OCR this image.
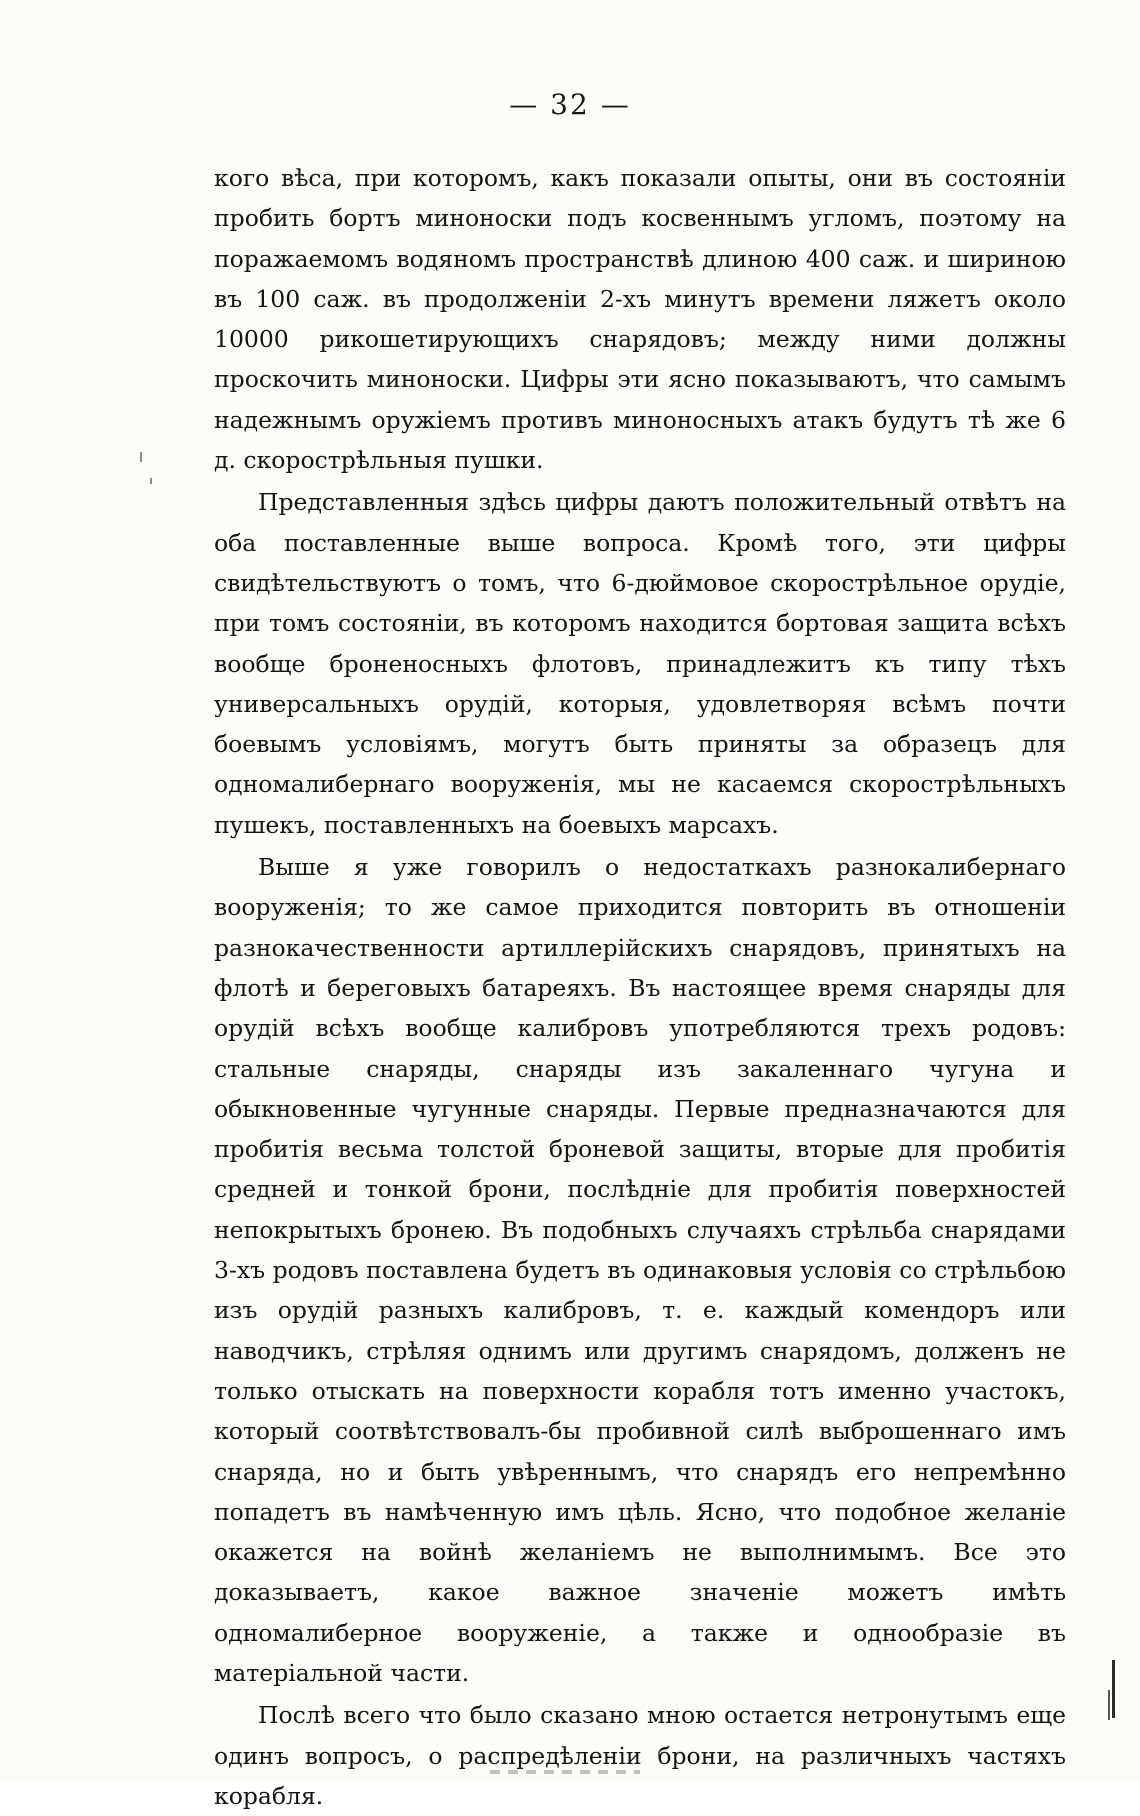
— 32 —

кого вѣса, при которомъ, какъ показали опыты, они въ состояніи пробить бортъ миноноски подъ косвеннымъ угломъ, поэтому на поражаемомъ водяномъ пространствѣ длиною 400 саж. и шириною въ 100 саж. въ продолженіи 2-хъ минутъ времени ляжетъ около 10000 рикошетирующихъ снарядовъ; между ними должны проскочить миноноски. Цифры эти ясно показываютъ, что самымъ надежнымъ оружіемъ противъ миноносныхъ атакъ будутъ тѣ же 6 д. скорострѣльныя пушки.

Представленныя здѣсь цифры даютъ положительный отвѣтъ на оба поставленные выше вопроса. Кромѣ того, эти цифры свидѣтельствуютъ о томъ, что 6-дюймовое скорострѣльное орудіе, при томъ состояніи, въ которомъ находится бортовая защита всѣхъ вообще броненосныхъ флотовъ, принадлежитъ къ типу тѣхъ универсальныхъ орудій, которыя, удовлетворяя всѣмъ почти боевымъ условіямъ, могутъ быть приняты за образецъ для одномалибернаго вооруженія, мы не касаемся скорострѣльныхъ пушекъ, поставленныхъ на боевыхъ марсахъ.

Выше я уже говорилъ о недостаткахъ разнокалибернаго вооруженія; то же самое приходится повторить въ отношеніи разнокачественности артиллерійскихъ снарядовъ, принятыхъ на флотѣ и береговыхъ батареяхъ. Въ настоящее время снаряды для орудій всѣхъ вообще калибровъ употребляются трехъ родовъ: стальные снаряды, снаряды изъ закаленнаго чугуна и обыкновенные чугунные снаряды. Первые предназначаются для пробитія весьма толстой броневой защиты, вторые для пробитія средней и тонкой брони, послѣдніе для пробитія поверхностей непокрытыхъ бронею. Въ подобныхъ случаяхъ стрѣльба снарядами 3-хъ родовъ поставлена будетъ въ одинаковыя условія со стрѣльбою изъ орудій разныхъ калибровъ, т. е. каждый комендоръ или наводчикъ, стрѣляя однимъ или другимъ снарядомъ, долженъ не только отыскать на поверхности корабля тотъ именно участокъ, который соотвѣтствовалъ-бы пробивной силѣ выброшеннаго имъ снаряда, но и быть увѣреннымъ, что снарядъ его непремѣнно попадетъ въ намѣченную имъ цѣль. Ясно, что подобное желаніе окажется на войнѣ желаніемъ не выполнимымъ. Все это доказываетъ, какое важное значеніе можетъ имѣть одномалиберное вооруженіе, а также и однообразіе въ матеріальной части.

Послѣ всего что было сказано мною остается нетронутымъ еще одинъ вопросъ, о распредѣленіи брони, на различныхъ частяхъ корабля.
